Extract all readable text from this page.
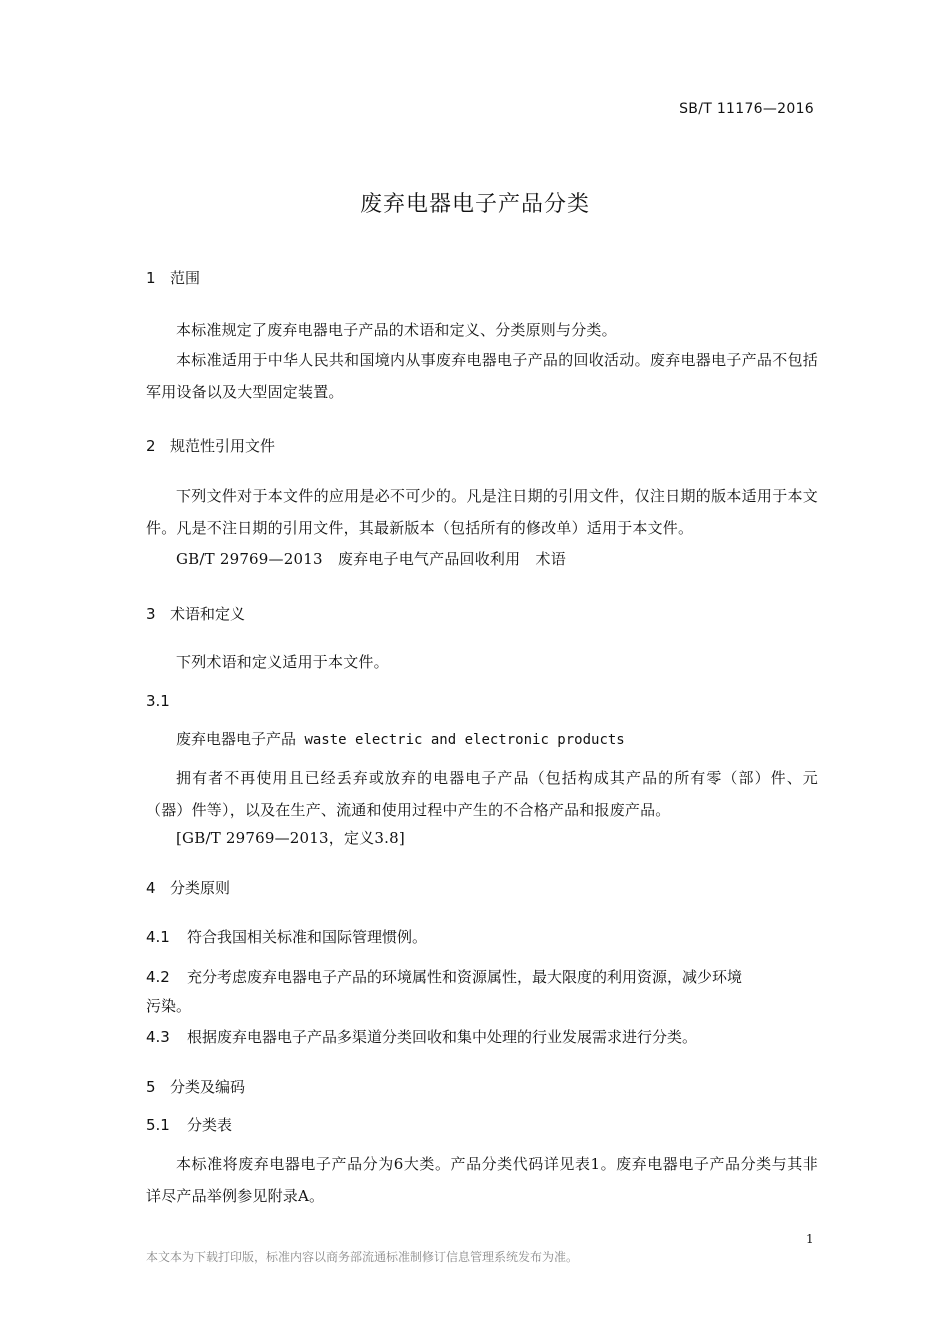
SB/T 11176—2016
废弃电器电子产品分类
1 范围
本标准规定了废弃电器电子产品的术语和定义、分类原则与分类。
本标准适用于中华人民共和国境内从事废弃电器电子产品的回收活动。废弃电器电子产品不包括军用设备以及大型固定装置。
2 规范性引用文件
下列文件对于本文件的应用是必不可少的。凡是注日期的引用文件，仅注日期的版本适用于本文件。凡是不注日期的引用文件，其最新版本（包括所有的修改单）适用于本文件。
GB/T 29769—2013　废弃电子电气产品回收利用　术语
3 术语和定义
下列术语和定义适用于本文件。
3.1
废弃电器电子产品 waste electric and electronic products
拥有者不再使用且已经丢弃或放弃的电器电子产品（包括构成其产品的所有零（部）件、元（器）件等），以及在生产、流通和使用过程中产生的不合格产品和报废产品。
[GB/T 29769—2013，定义3.8]
4 分类原则
4.1 符合我国相关标准和国际管理惯例。
4.2 充分考虑废弃电器电子产品的环境属性和资源属性，最大限度的利用资源，减少环境
污染。
4.3 根据废弃电器电子产品多渠道分类回收和集中处理的行业发展需求进行分类。
5 分类及编码
5.1 分类表
本标准将废弃电器电子产品分为6大类。产品分类代码详见表1。废弃电器电子产品分类与其非详尽产品举例参见附录A。
1
本文本为下载打印版，标准内容以商务部流通标准制修订信息管理系统发布为准。
